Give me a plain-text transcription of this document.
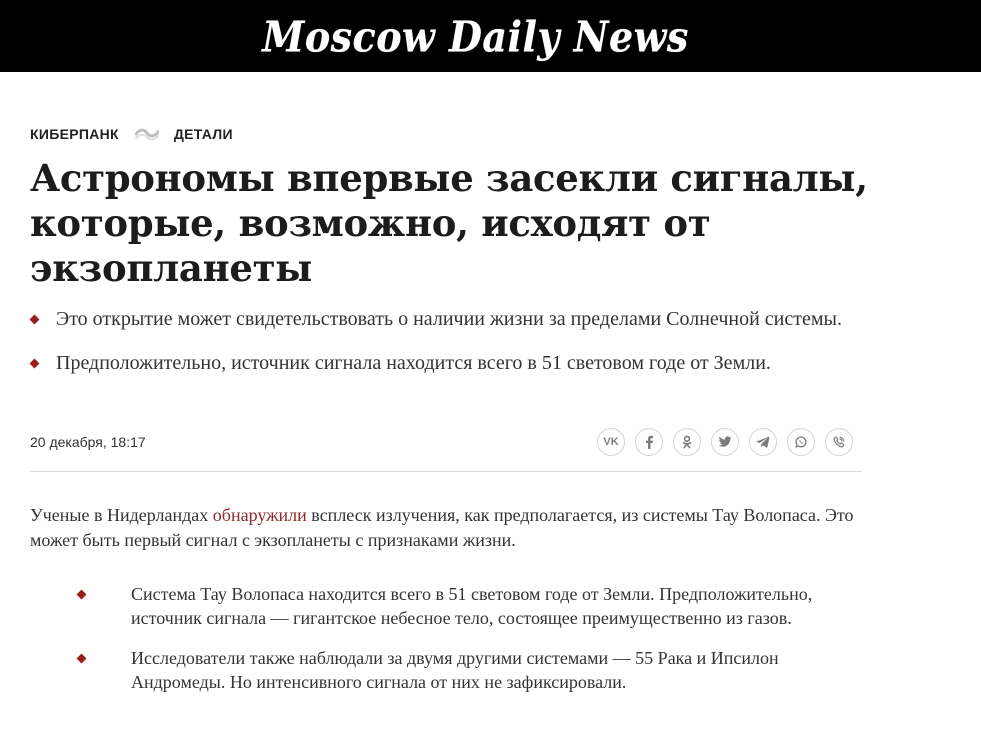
Moscow Daily News
КИБЕРПАНК	ДЕТАЛИ
Астрономы впервые засекли сигналы, которые, возможно, исходят от экзопланеты
Это открытие может свидетельствовать о наличии жизни за пределами Солнечной системы.
Предположительно, источник сигнала находится всего в 51 световом годе от Земли.
20 декабря, 18:17	VK

Ученые в Нидерландах обнаружили всплеск излучения, как предполагается, из системы Тау Волопаса. Это может быть первый сигнал с экзопланеты с признаками жизни.

Система Тау Волопаса находится всего в 51 световом годе от Земли. Предположительно, источник сигнала — гигантское небесное тело, состоящее преимущественно из газов.
Исследователи также наблюдали за двумя другими системами — 55 Рака и Ипсилон Андромеды. Но интенсивного сигнала от них не зафиксировали.
